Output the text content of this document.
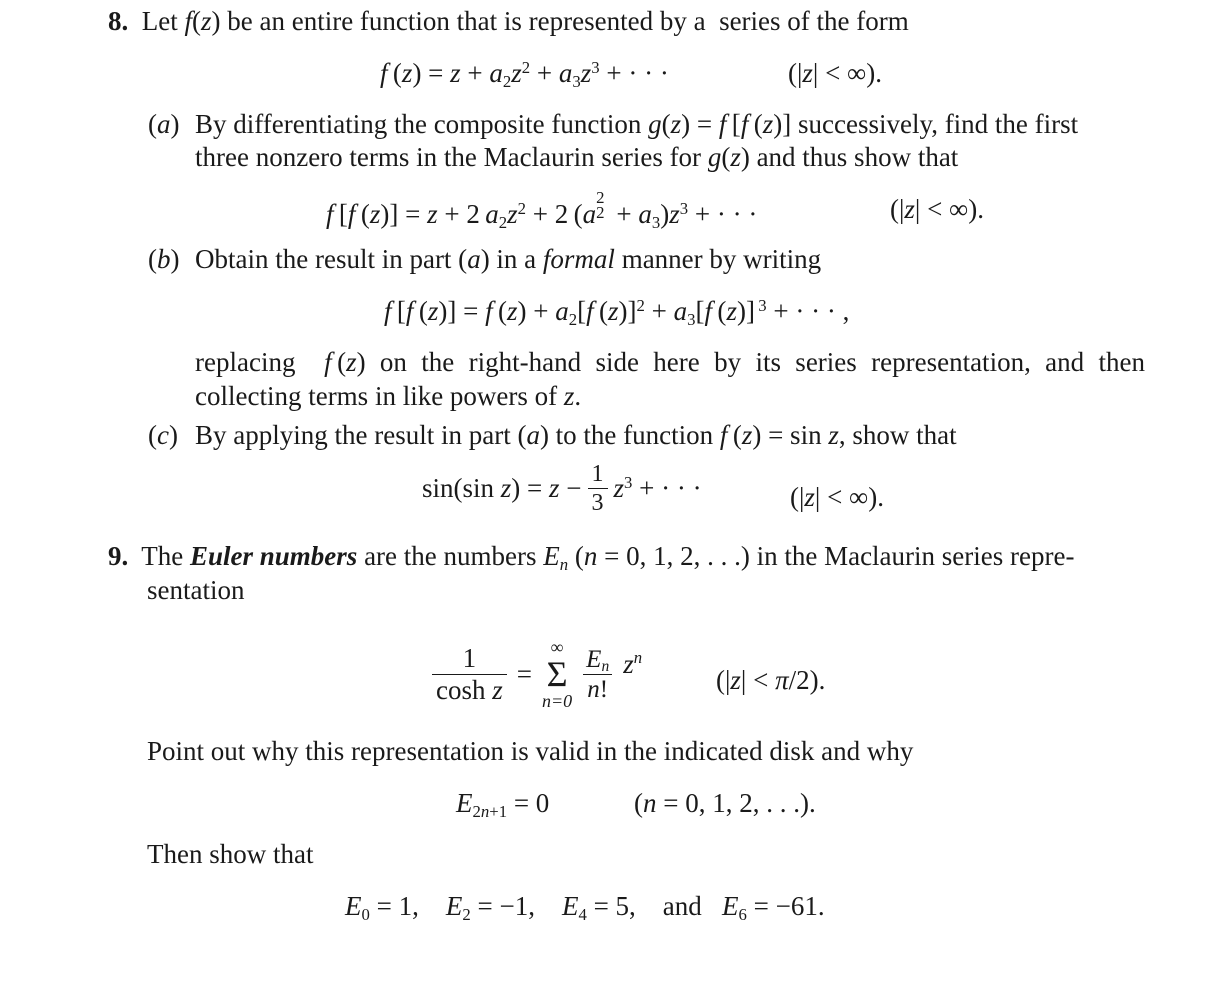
8.  Let f(z) be an entire function that is represented by a  series of the form
f $(z) = z + a_2z^2 + a_3z^3$ + · · ·	(|z| < ∞).
(a) By differentiating the composite function g(z) = f [f (z)] successively, find the first
three nonzero terms in the Maclaurin series for g(z) and thus show that
f [f (z)] = z + 2 $a_2z^2 + 2$ (a
2
$2 + a_3)z^3$ + · · ·	(|z| < ∞).
(b) Obtain the result in part (a) in a formal manner by writing
f [f (z)] = f $(z) + a_2[f$ $(z)]^2 + a_3[f$ (z)] $^3$ + · · · ,
replacing  f (z) on the right-hand side here by its series representation, and then
collecting terms in like powers of z.
(c) By applying the result in part (a) to the function f (z) = sin z, show that
sin(sin $z) = z - \frac{1}{3} z^3$ + · · ·	(|z| < ∞).
9.  The Euler numbers are the numbers $E_n$ (n = 0, 1, 2, . . .) in the Maclaurin series repre-
sentation
$\frac{1}{\text{cosh z}}$ =
∞
Σ
$n=0 \frac{E_n}{n!} z^n$
(|z| < π/2).
Point out why this representation is valid in the indicated disk and why
$E_{2n+1} = 0$	(n = 0, 1, 2, . . .).
Then show that
$E_0 = 1$,    $E_2 = -1$,    $E_4 = 5$,    and   $E_6 = -61$.
